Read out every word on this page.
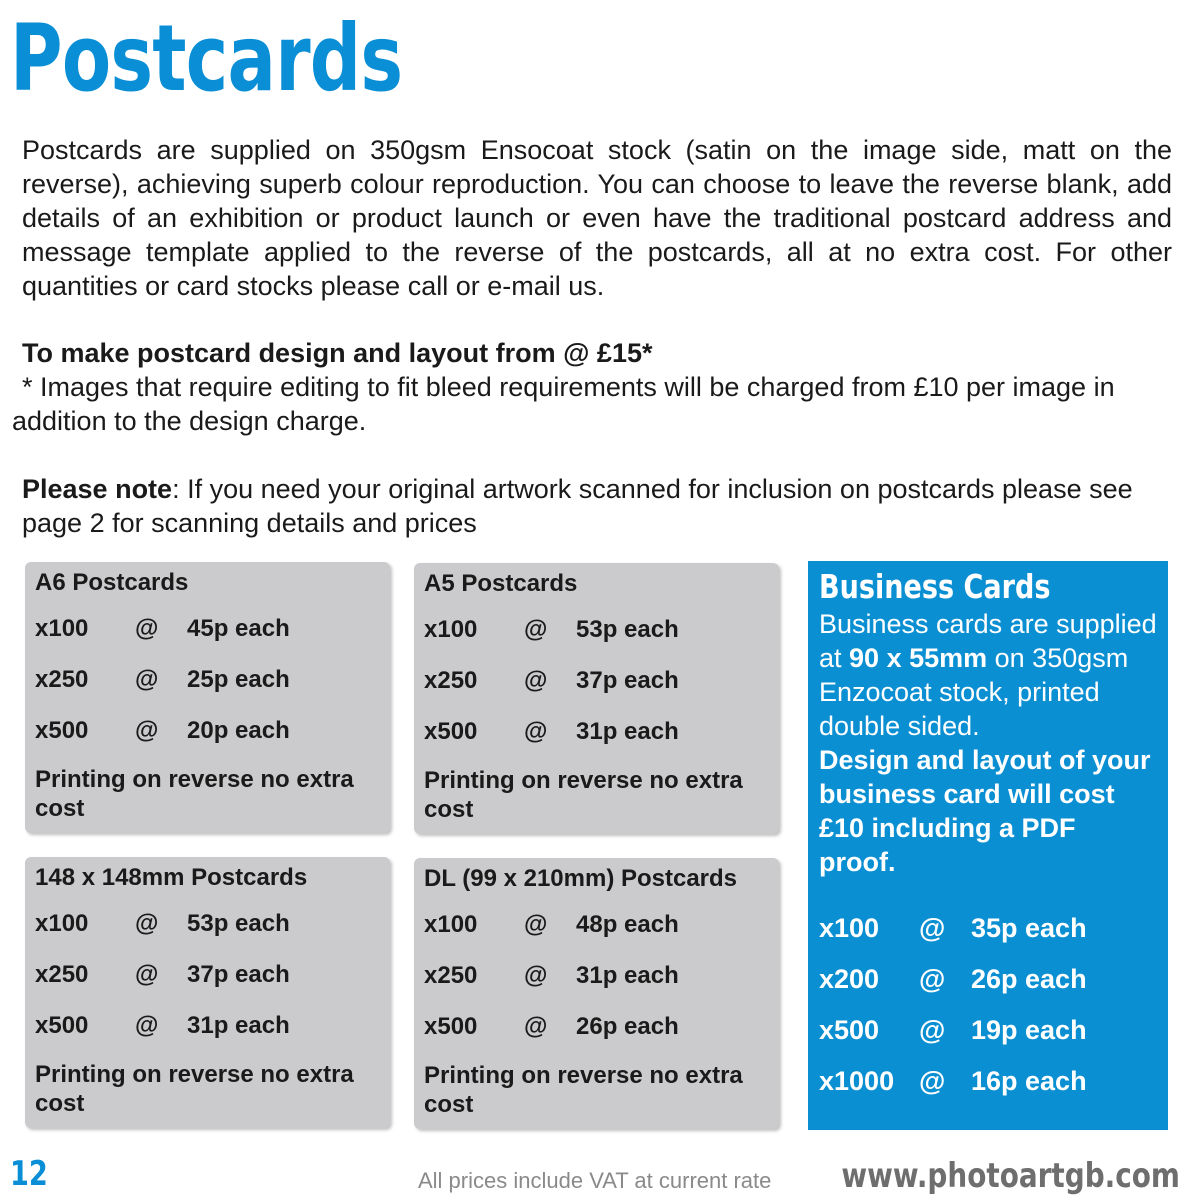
Postcards

Postcards are supplied on 350gsm Ensocoat stock (satin on the image side, matt on the reverse), achieving superb colour reproduction. You can choose to leave the reverse blank, add details of an exhibition or product launch or even have the traditional postcard address and message template applied to the reverse of the postcards, all at no extra cost. For other quantities or card stocks please call or e-mail us.

To make postcard design and layout from @ £15*

* Images that require editing to fit bleed requirements will be charged from £10 per image in addition to the design charge.

Please note: If you need your original artwork scanned for inclusion on postcards please see page 2 for scanning details and prices

A6 Postcards
x100 @ 45p each
x250 @ 25p each
x500 @ 20p each
Printing on reverse no extra cost
A5 Postcards
x100 @ 53p each
x250 @ 37p each
x500 @ 31p each
Printing on reverse no extra cost
148 x 148mm Postcards
x100 @ 53p each
x250 @ 37p each
x500 @ 31p each
Printing on reverse no extra cost
DL (99 x 210mm) Postcards
x100 @ 48p each
x250 @ 31p each
x500 @ 26p each
Printing on reverse no extra cost
Business Cards
Business cards are supplied at 90 x 55mm on 350gsm Enzocoat stock, printed double sided.
Design and layout of your business card will cost £10 including a PDF proof.
x100 @ 35p each
x200 @ 26p each
x500 @ 19p each
x1000 @ 16p each
12	All prices include VAT at current rate www.photoartgb.com
